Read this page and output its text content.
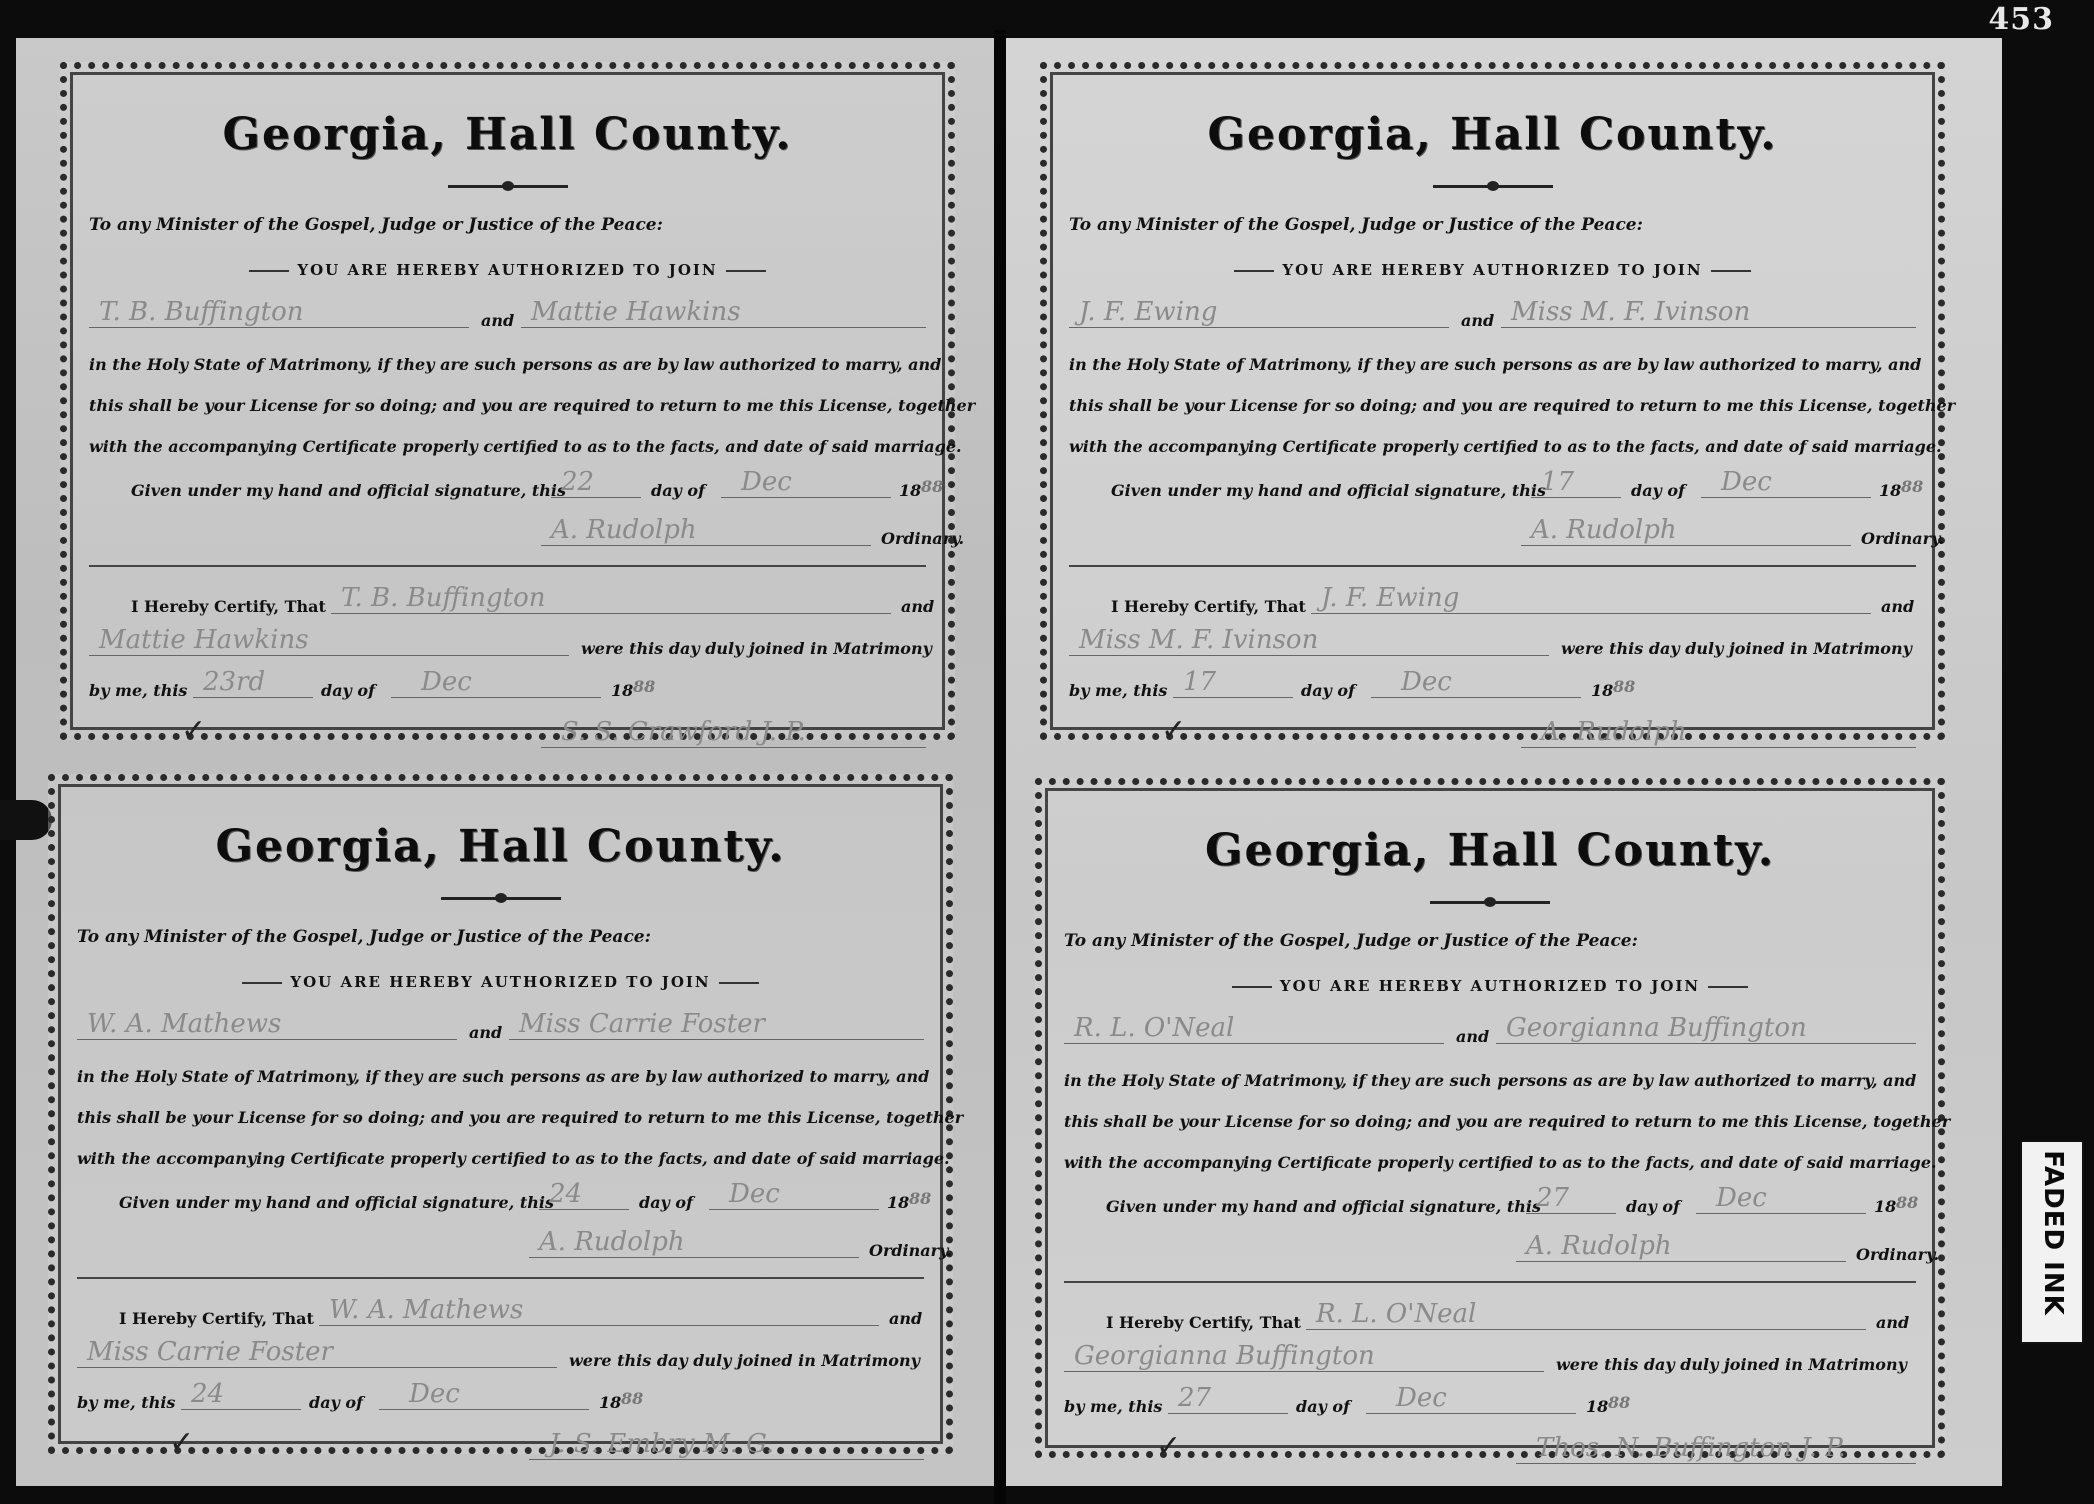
453
Georgia, Hall County.
To any Minister of the Gospel, Judge or Justice of the Peace:
YOU ARE HEREBY AUTHORIZED TO JOIN
T. B. Buffington	and Mattie Hawkins
in the Holy State of Matrimony, if they are such persons as are by law authorized to marry, and
this shall be your License for so doing; and you are required to return to me this License, together
with the accompanying Certificate properly certified to as to the facts, and date of said marriage.
Given under my hand and official signature, this
22	day of Dec	18 88
A. Rudolph	Ordinary.
I Hereby Certify, That T. B. Buffington	and
Mattie Hawkins	were this day duly joined in Matrimony
by me, this 23rd	day of Dec	18 88
✓	S. S. Crawford J. P.
Georgia, Hall County.
To any Minister of the Gospel, Judge or Justice of the Peace:
YOU ARE HEREBY AUTHORIZED TO JOIN
J. F. Ewing	and Miss M. F. Ivinson
in the Holy State of Matrimony, if they are such persons as are by law authorized to marry, and
this shall be your License for so doing; and you are required to return to me this License, together
with the accompanying Certificate properly certified to as to the facts, and date of said marriage.
Given under my hand and official signature, this
17	day of Dec	18 88
A. Rudolph	Ordinary.
I Hereby Certify, That J. F. Ewing	and
Miss M. F. Ivinson	were this day duly joined in Matrimony
by me, this 17	day of Dec	18 88
✓	A. Rudolph
Georgia, Hall County.
To any Minister of the Gospel, Judge or Justice of the Peace:
YOU ARE HEREBY AUTHORIZED TO JOIN
W. A. Mathews	and Miss Carrie Foster
in the Holy State of Matrimony, if they are such persons as are by law authorized to marry, and
this shall be your License for so doing; and you are required to return to me this License, together
with the accompanying Certificate properly certified to as to the facts, and date of said marriage.
Given under my hand and official signature, this
24	day of Dec	18 88
A. Rudolph	Ordinary.
I Hereby Certify, That W. A. Mathews	and
Miss Carrie Foster	were this day duly joined in Matrimony
by me, this 24	day of Dec	18 88
✓	J. S. Embry M. G.
Georgia, Hall County.
To any Minister of the Gospel, Judge or Justice of the Peace:
YOU ARE HEREBY AUTHORIZED TO JOIN
R. L. O'Neal	and Georgianna Buffington
in the Holy State of Matrimony, if they are such persons as are by law authorized to marry, and
this shall be your License for so doing; and you are required to return to me this License, together
with the accompanying Certificate properly certified to as to the facts, and date of said marriage.
Given under my hand and official signature, this
27	day of Dec	18 88
A. Rudolph	Ordinary.
I Hereby Certify, That R. L. O'Neal	and
Georgianna Buffington	were this day duly joined in Matrimony
by me, this 27	day of Dec	18 88
✓	Thos. N. Buffington J. P.
FADED INK
